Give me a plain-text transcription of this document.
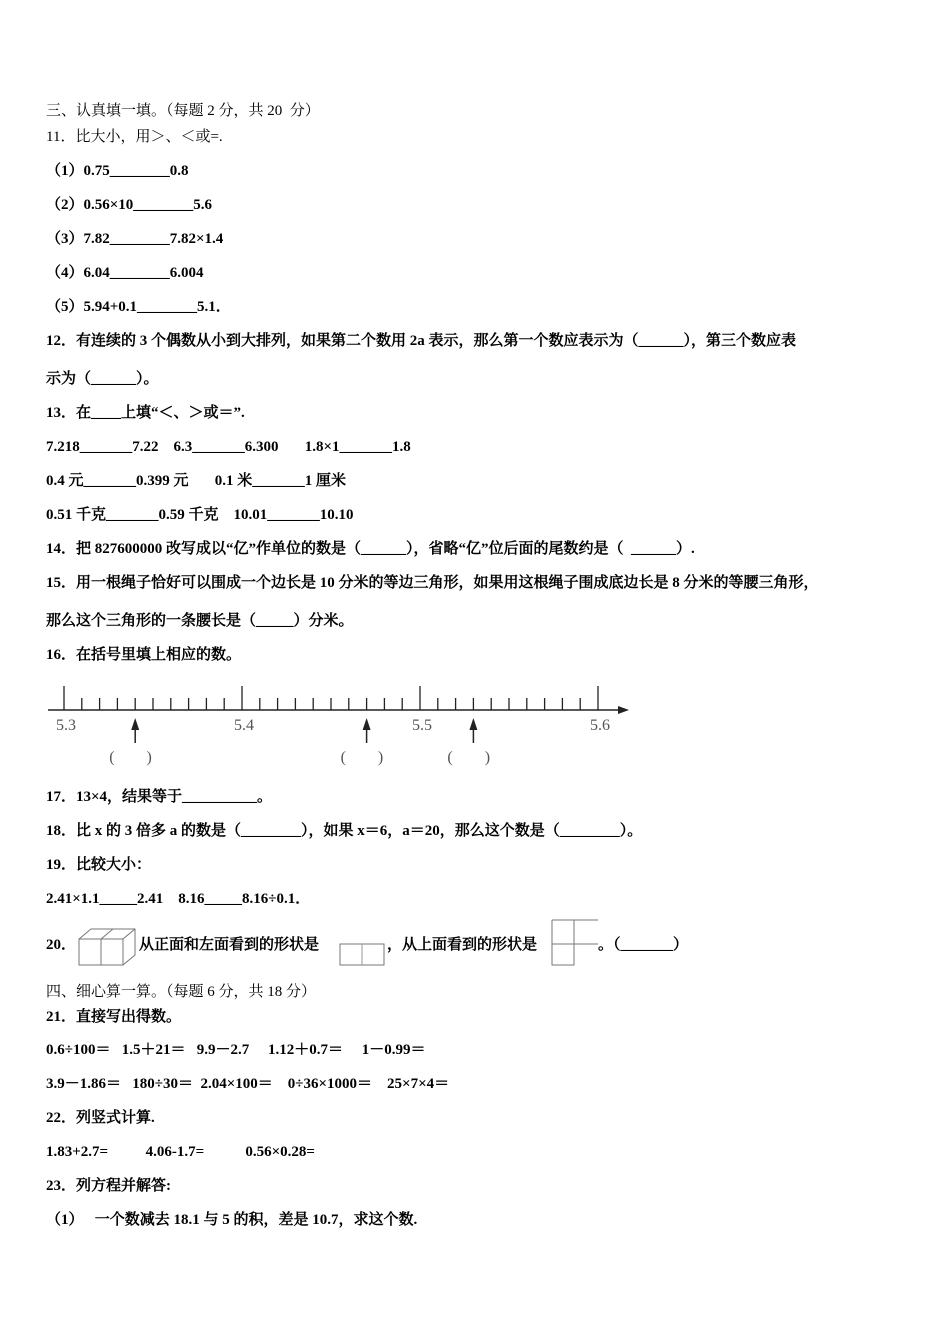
三、认真填一填。（每题 2 分，共 20  分）
11．比大小，用＞、＜或=.
（1）0.75________0.8
（2）0.56×10________5.6
（3）7.82________7.82×1.4
（4）6.04________6.004
（5）5.94+0.1________5.1．
12．有连续的 3 个偶数从小到大排列，如果第二个数用 2a 表示，那么第一个数应表示为（______），第三个数应表
示为（______）。
13．在____上填“＜、＞或＝”.
7.218_______7.22    6.3_______6.300       1.8×1_______1.8
0.4 元_______0.399 元       0.1 米_______1 厘米
0.51 千克_______0.59 千克    10.01_______10.10
14．把 827600000 改写成以“亿”作单位的数是（______），省略“亿”位后面的尾数约是（  ______）.
15．用一根绳子恰好可以围成一个边长是 10 分米的等边三角形，如果用这根绳子围成底边长是 8 分米的等腰三角形，
那么这个三角形的一条腰长是（_____）分米。
16．在括号里填上相应的数。
5.3	5.4	5.5	5.6
(        )	(        )	(        )
17．13×4，结果等于__________。
18．比 x 的 3 倍多 a 的数是（________），如果 x＝6，a＝20，那么这个数是（________）。
19．比较大小：
2.41×1.1_____2.41    8.16_____8.16÷0.1．
20．	从正面和左面看到的形状是	，从上面看到的形状是	。（_______）
四、细心算一算。（每题 6 分，共 18 分）
21．直接写出得数。
0.6÷100＝   1.5＋21＝   9.9－2.7     1.12＋0.7＝     1－0.99＝
3.9－1.86＝   180÷30＝  2.04×100＝    0÷36×1000＝    25×7×4＝
22．列竖式计算.
1.83+2.7=          4.06-1.7=           0.56×0.28=
23．列方程并解答:
（1）   一个数减去 18.1 与 5 的积，差是 10.7，求这个数.
